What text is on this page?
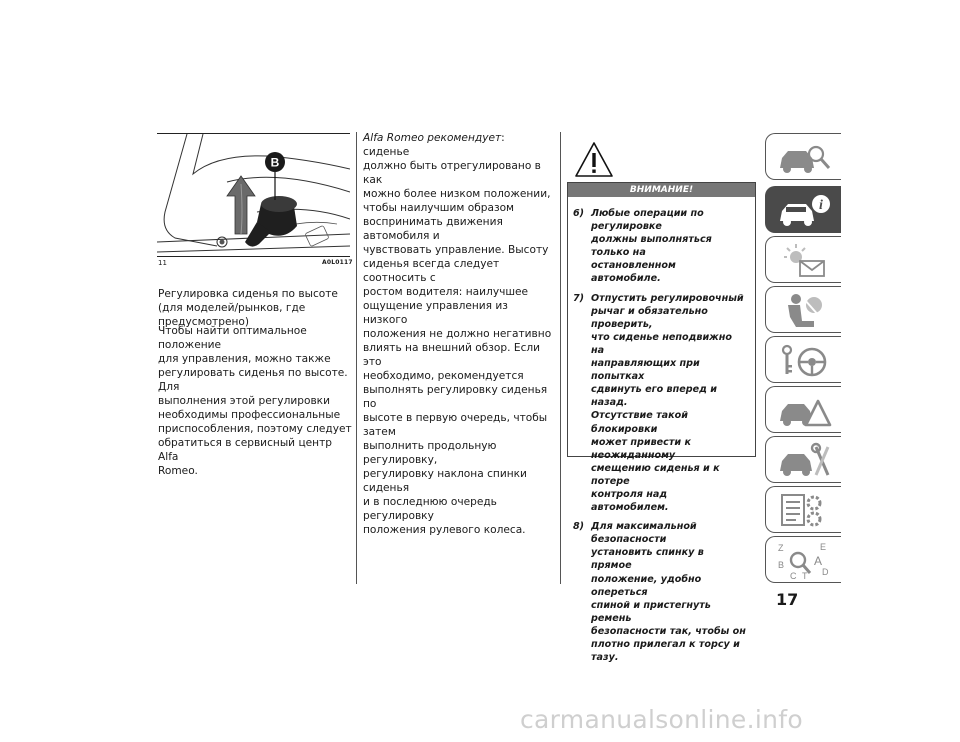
B
11	A0L0117
Регулировка сиденья по высоте
(для моделей/рынков, где
предусмотрено)
Чтобы найти оптимальное положение
для управления, можно также
регулировать сиденья по высоте. Для
выполнения этой регулировки
необходимы профессиональные
приспособления, поэтому следует
обратиться в сервисный центр Alfa
Romeo.
Alfa Romeo рекомендует: сиденье
должно быть отрегулировано в как
можно более низком положении,
чтобы наилучшим образом
воспринимать движения автомобиля и
чувствовать управление. Высоту
сиденья всегда следует соотносить с
ростом водителя: наилучшее
ощущение управления из низкого
положения не должно негативно
влиять на внешний обзор. Если это
необходимо, рекомендуется
выполнять регулировку сиденья по
высоте в первую очередь, чтобы затем
выполнить продольную регулировку,
регулировку наклона спинки сиденья
и в последнюю очередь регулировку
положения рулевого колеса.
ВНИМАНИЕ!
6) Любые операции по регулировке
должны выполняться только на
остановленном автомобиле.
7) Отпустить регулировочный
рычаг и обязательно проверить,
что сиденье неподвижно на
направляющих при попытках
сдвинуть его вперед и назад.
Отсутствие такой блокировки
может привести к неожиданному
смещению сиденья и к потере
контроля над автомобилем.
8) Для максимальной безопасности
установить спинку в прямое
положение, удобно опереться
спиной и пристегнуть ремень
безопасности так, чтобы он
плотно прилегал к торсу и тазу.
i
Z	E
B A
D
C T
17
carmanualsonline.info
